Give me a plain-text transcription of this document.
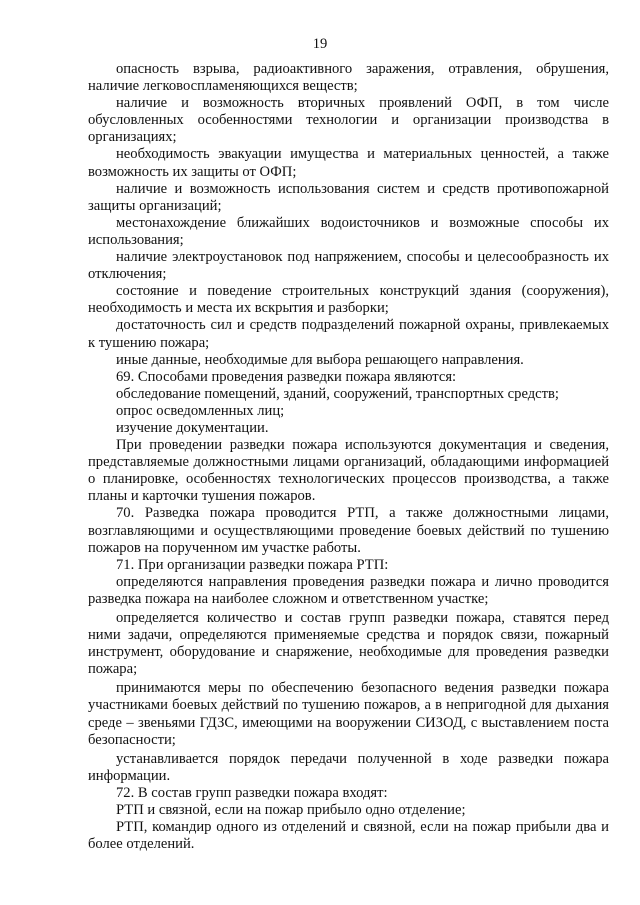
19

опасность взрыва, радиоактивного заражения, отравления, обрушения, наличие легковоспламеняющихся веществ;

наличие и возможность вторичных проявлений ОФП, в том числе обусловленных особенностями технологии и организации производства в организациях;

необходимость эвакуации имущества и материальных ценностей, а также возможность их защиты от ОФП;

наличие и возможность использования систем и средств противопожарной защиты организаций;

местонахождение ближайших водоисточников и возможные способы их использования;

наличие электроустановок под напряжением, способы и целесообразность их отключения;

состояние и поведение строительных конструкций здания (сооружения), необходимость и места их вскрытия и разборки;

достаточность сил и средств подразделений пожарной охраны, привлекаемых к тушению пожара;

иные данные, необходимые для выбора решающего направления.

69. Способами проведения разведки пожара являются:

обследование помещений, зданий, сооружений, транспортных средств;

опрос осведомленных лиц;

изучение документации.

При проведении разведки пожара используются документация и сведения, представляемые должностными лицами организаций, обладающими информацией о планировке, особенностях технологических процессов производства, а также планы и карточки тушения пожаров.

70. Разведка пожара проводится РТП, а также должностными лицами, возглавляющими и осуществляющими проведение боевых действий по тушению пожаров на порученном им участке работы.

71. При организации разведки пожара РТП:

определяются направления проведения разведки пожара и лично проводится разведка пожара на наиболее сложном и ответственном участке;

определяется количество и состав групп разведки пожара, ставятся перед ними задачи, определяются применяемые средства и порядок связи, пожарный инструмент, оборудование и снаряжение, необходимые для проведения разведки пожара;

принимаются меры по обеспечению безопасного ведения разведки пожара участниками боевых действий по тушению пожаров, а в непригодной для дыхания среде – звеньями ГДЗС, имеющими на вооружении СИЗОД, с выставлением поста безопасности;

устанавливается порядок передачи полученной в ходе разведки пожара информации.

72. В состав групп разведки пожара входят:

РТП и связной, если на пожар прибыло одно отделение;

РТП, командир одного из отделений и связной, если на пожар прибыли два и более отделений.
